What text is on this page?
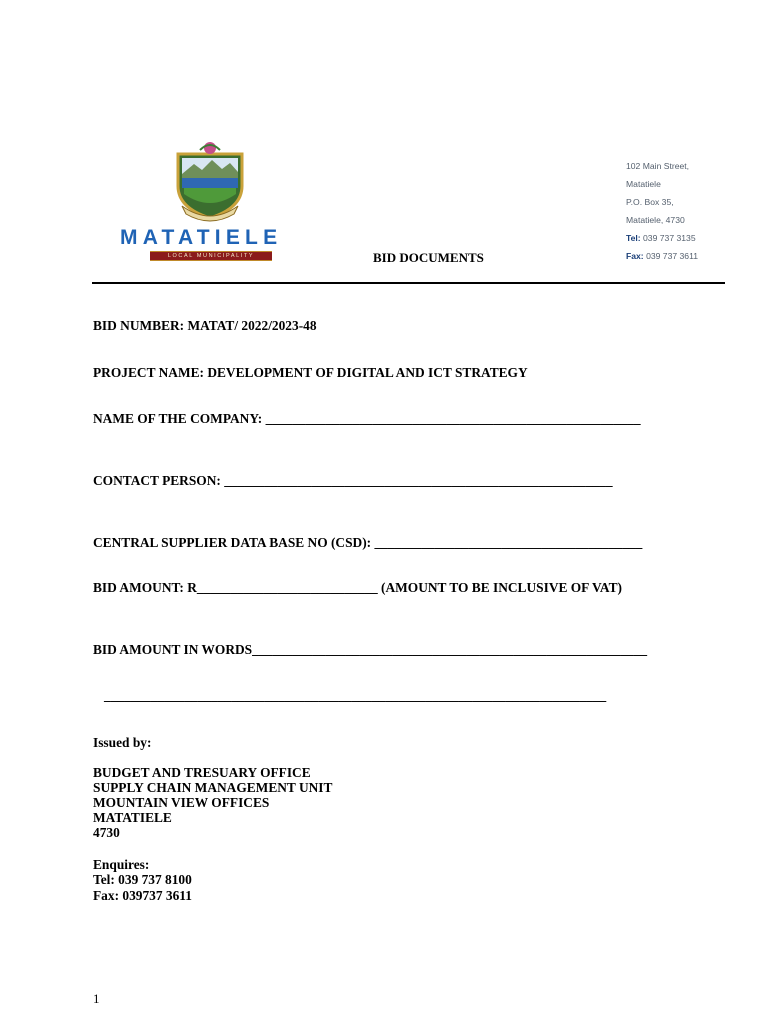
MATATIELE
LOCAL MUNICIPALITY
102 Main Street,
Matatiele
P.O. Box 35,
Matatiele, 4730
Tel: 039 737 3135
Fax: 039 737 3611
BID DOCUMENTS
BID NUMBER: MATAT/ 2022/2023-48
PROJECT NAME: DEVELOPMENT OF DIGITAL AND ICT STRATEGY
NAME OF THE COMPANY: ________________________________________________________
CONTACT PERSON: __________________________________________________________
CENTRAL SUPPLIER DATA BASE NO (CSD): ________________________________________
BID AMOUNT: R___________________________ (AMOUNT TO BE INCLUSIVE OF VAT)
BID AMOUNT IN WORDS___________________________________________________________
___________________________________________________________________________
Issued by:
BUDGET AND TRESUARY OFFICE
SUPPLY CHAIN MANAGEMENT UNIT
MOUNTAIN VIEW OFFICES
MATATIELE
4730
Enquires:
Tel: 039 737 8100
Fax: 039737 3611
1
